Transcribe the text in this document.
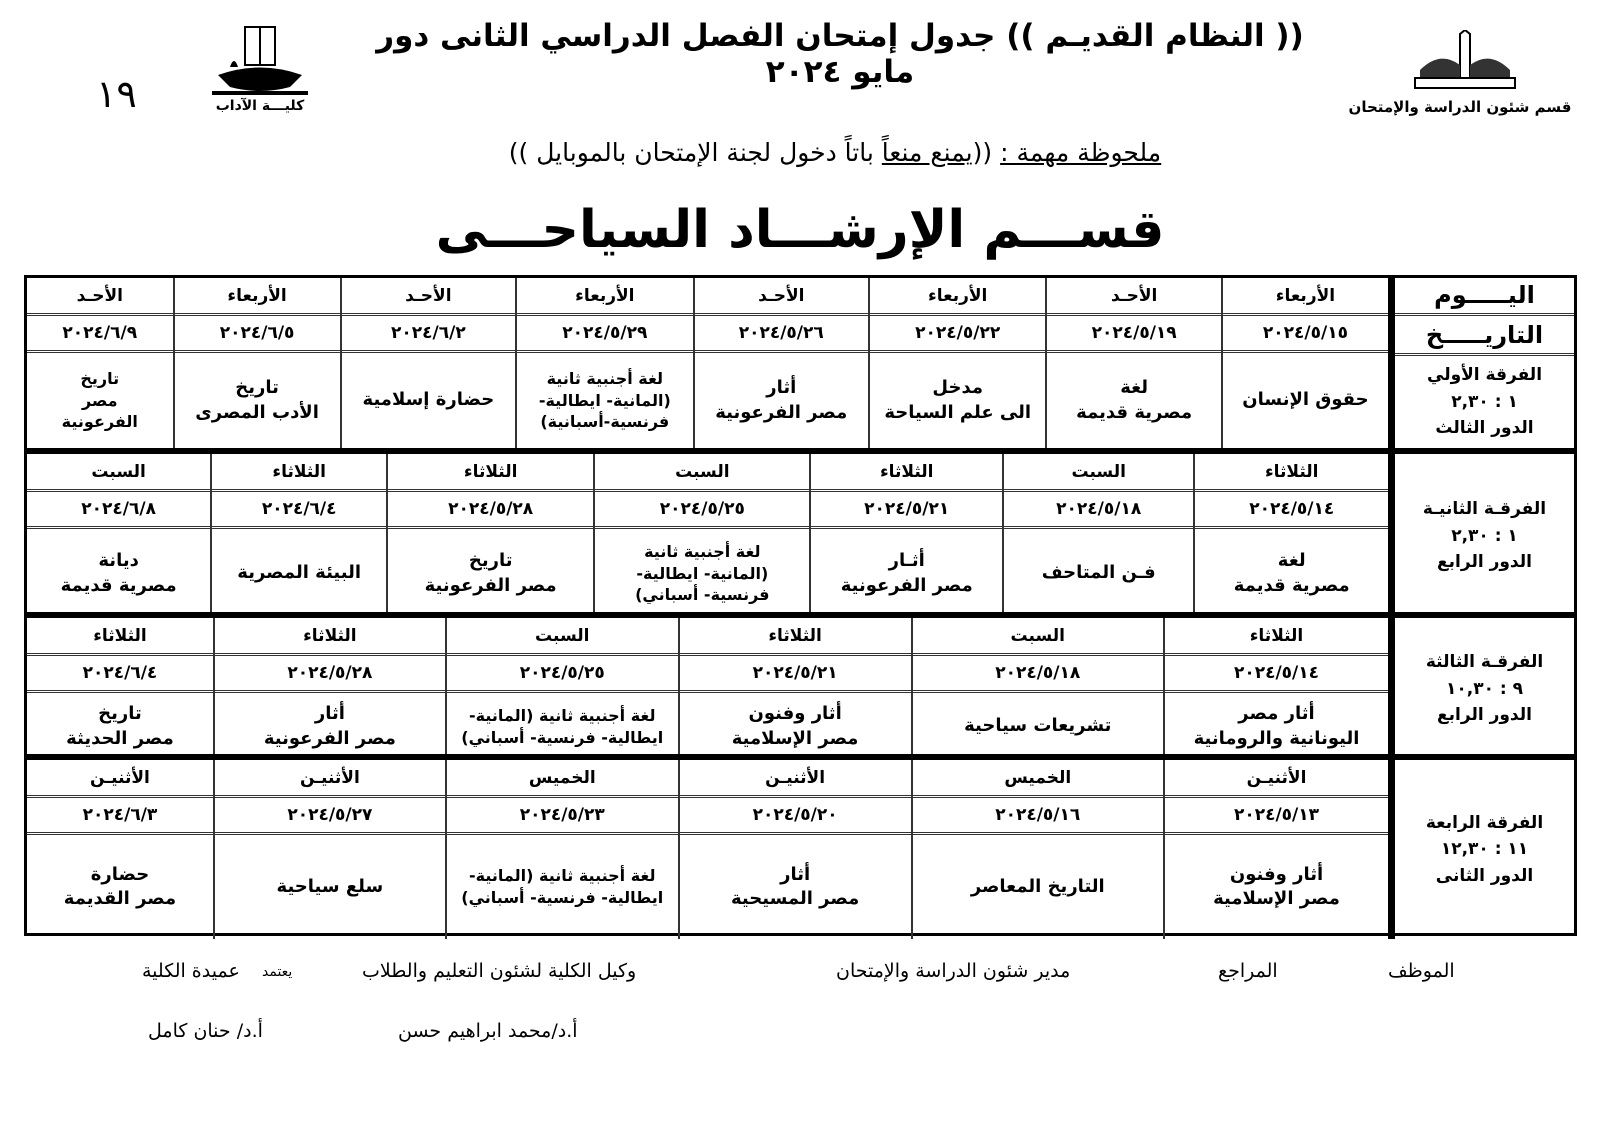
(( النظام القديـم )) جدول إمتحان الفصل الدراسي الثانى دور مايو ٢٠٢٤
١٩	كليـــة الآداب	قسم شئون الدراسة والإمتحان
ملحوظة مهمة : ((يمنع منعاً باتاً دخول لجنة الإمتحان بالموبايل ))
قســـم الإرشـــاد السياحـــى
اليـــــوم
التاريـــــخ
الفرقة الأولي
١ : ٢,٣٠
الدور الثالث
الأربعاء
٢٠٢٤/٥/١٥
حقوق الإنسان
الأحـد
٢٠٢٤/٥/١٩
لغة
مصرية قديمة
الأربعاء
٢٠٢٤/٥/٢٢
مدخل
الى علم السياحة
الأحـد
٢٠٢٤/٥/٢٦
أثار
مصر الفرعونية
الأربعاء
٢٠٢٤/٥/٢٩
لغة أجنبية ثانية
(المانية- ايطالية-
فرنسية-أسبانية)
الأحـد
٢٠٢٤/٦/٢
حضارة إسلامية
الأربعاء
٢٠٢٤/٦/٥
تاريخ
الأدب المصرى
الأحـد
٢٠٢٤/٦/٩
تاريخ
مصر
الفرعونية
الفرقـة الثانيـة
١ : ٢,٣٠
الدور الرابع
الثلاثاء
٢٠٢٤/٥/١٤
لغة
مصرية قديمة
السبت
٢٠٢٤/٥/١٨
فـن المتاحف
الثلاثاء
٢٠٢٤/٥/٢١
أثـار
مصر الفرعونية
السبت
٢٠٢٤/٥/٢٥
لغة أجنبية ثانية
(المانية- ايطالية-
فرنسية- أسباني)
الثلاثاء
٢٠٢٤/٥/٢٨
تاريخ
مصر الفرعونية
الثلاثاء
٢٠٢٤/٦/٤
البيئة المصرية
السبت
٢٠٢٤/٦/٨
ديانة
مصرية قديمة
الفرقـة الثالثة
٩ : ١٠,٣٠
الدور الرابع
الثلاثاء
٢٠٢٤/٥/١٤
أثار مصر
اليونانية والرومانية
السبت
٢٠٢٤/٥/١٨
تشريعات سياحية
الثلاثاء
٢٠٢٤/٥/٢١
أثار وفنون
مصر الإسلامية
السبت
٢٠٢٤/٥/٢٥
لغة أجنبية ثانية (المانية-
ايطالية- فرنسية- أسباني)
الثلاثاء
٢٠٢٤/٥/٢٨
أثار
مصر الفرعونية
الثلاثاء
٢٠٢٤/٦/٤
تاريخ
مصر الحديثة
الفرقة الرابعة
١١ : ١٢,٣٠
الدور الثانى
الأثنيـن
٢٠٢٤/٥/١٣
أثار وفنون
مصر الإسلامية
الخميس
٢٠٢٤/٥/١٦
التاريخ المعاصر
الأثنيـن
٢٠٢٤/٥/٢٠
أثار
مصر المسيحية
الخميس
٢٠٢٤/٥/٢٣
لغة أجنبية ثانية (المانية-
ايطالية- فرنسية- أسباني)
الأثنيـن
٢٠٢٤/٥/٢٧
سلع سياحية
الأثنيـن
٢٠٢٤/٦/٣
حضارة
مصر القديمة
الموظف
المراجع
مدير شئون الدراسة والإمتحان
وكيل الكلية لشئون التعليم والطلاب
يعتمد
عميدة الكلية
أ.د/محمد ابراهيم حسن
أ.د/ حنان كامل
